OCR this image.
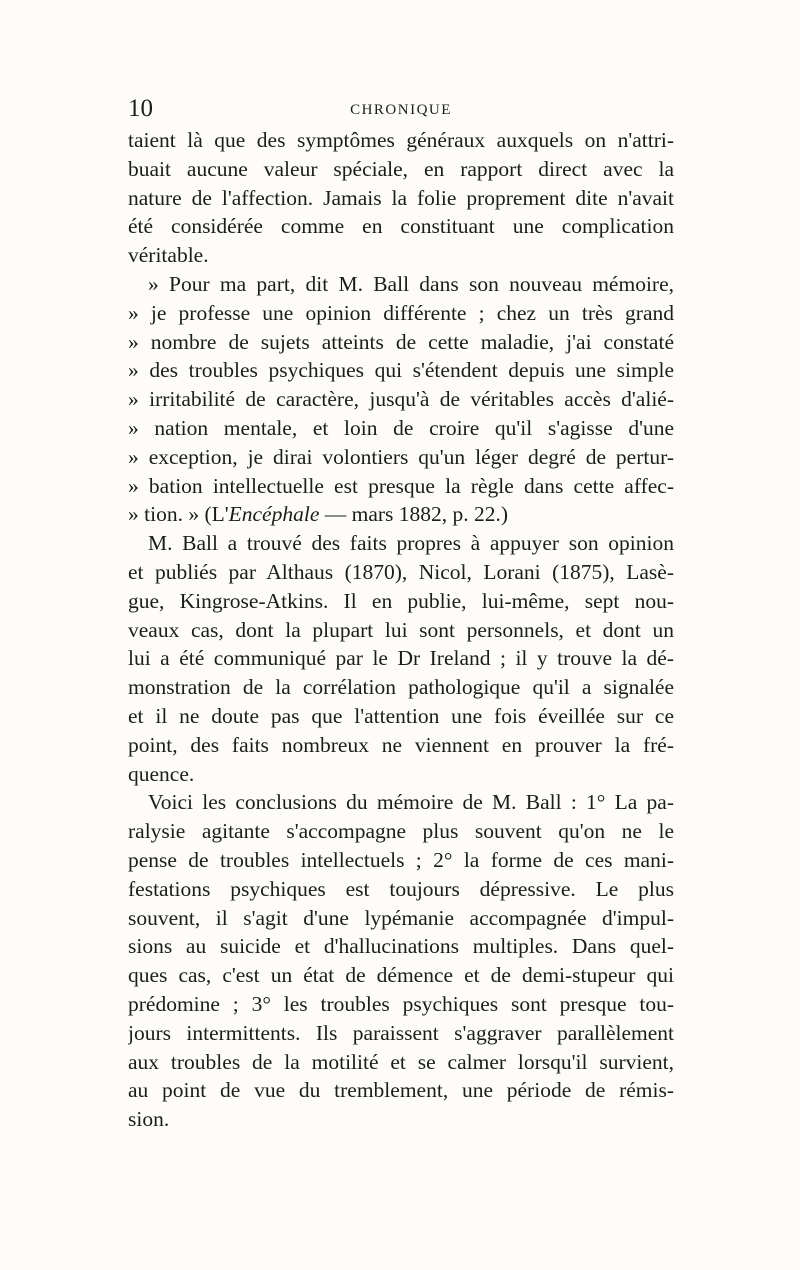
10	CHRONIQUE
taient là que des symptômes généraux auxquels on n'attri-
buait aucune valeur spéciale, en rapport direct avec la
nature de l'affection. Jamais la folie proprement dite n'avait
été considérée comme en constituant une complication
véritable.
» Pour ma part, dit M. Ball dans son nouveau mémoire,
» je professe une opinion différente ; chez un très grand
» nombre de sujets atteints de cette maladie, j'ai constaté
» des troubles psychiques qui s'étendent depuis une simple
» irritabilité de caractère, jusqu'à de véritables accès d'alié-
» nation mentale, et loin de croire qu'il s'agisse d'une
» exception, je dirai volontiers qu'un léger degré de pertur-
» bation intellectuelle est presque la règle dans cette affec-
» tion. » (L'Encéphale — mars 1882, p. 22.)
M. Ball a trouvé des faits propres à appuyer son opinion
et publiés par Althaus (1870), Nicol, Lorani (1875), Lasè-
gue, Kingrose-Atkins. Il en publie, lui-même, sept nou-
veaux cas, dont la plupart lui sont personnels, et dont un
lui a été communiqué par le Dr Ireland ; il y trouve la dé-
monstration de la corrélation pathologique qu'il a signalée
et il ne doute pas que l'attention une fois éveillée sur ce
point, des faits nombreux ne viennent en prouver la fré-
quence.
Voici les conclusions du mémoire de M. Ball : 1° La pa-
ralysie agitante s'accompagne plus souvent qu'on ne le
pense de troubles intellectuels ; 2° la forme de ces mani-
festations psychiques est toujours dépressive. Le plus
souvent, il s'agit d'une lypémanie accompagnée d'impul-
sions au suicide et d'hallucinations multiples. Dans quel-
ques cas, c'est un état de démence et de demi-stupeur qui
prédomine ; 3° les troubles psychiques sont presque tou-
jours intermittents. Ils paraissent s'aggraver parallèlement
aux troubles de la motilité et se calmer lorsqu'il survient,
au point de vue du tremblement, une période de rémis-
sion.
